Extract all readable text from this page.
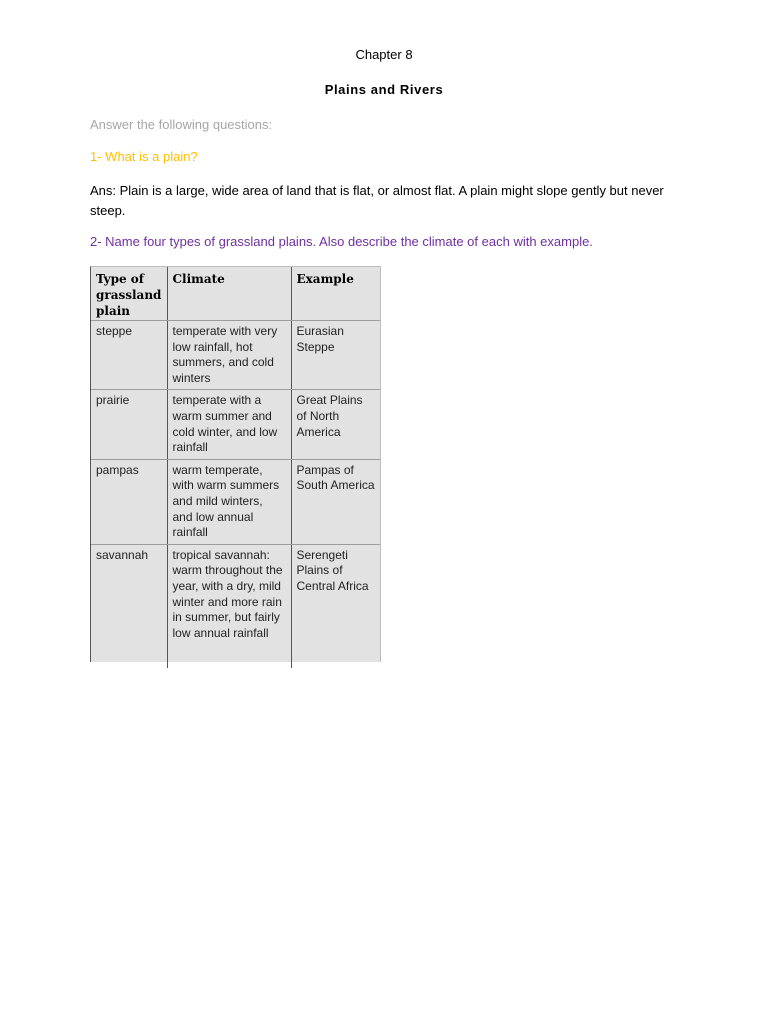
Chapter 8
Plains and Rivers
Answer the following questions:
1- What is a plain?
Ans: Plain is a large, wide area of land that is flat, or almost flat. A plain might slope gently but never steep.
2- Name four types of grassland plains. Also describe the climate of each with example.
Type of grassland plain	Climate	Example
steppe	temperate with very low rainfall, hot summers, and cold winters	Eurasian Steppe
prairie	temperate with a warm summer and cold winter, and low rainfall	Great Plains of North America
pampas	warm temperate, with warm summers and mild winters, and low annual rainfall	Pampas of South America
savannah	tropical savannah: warm throughout the year, with a dry, mild winter and more rain in summer, but fairly low annual rainfall	Serengeti Plains of Central Africa
